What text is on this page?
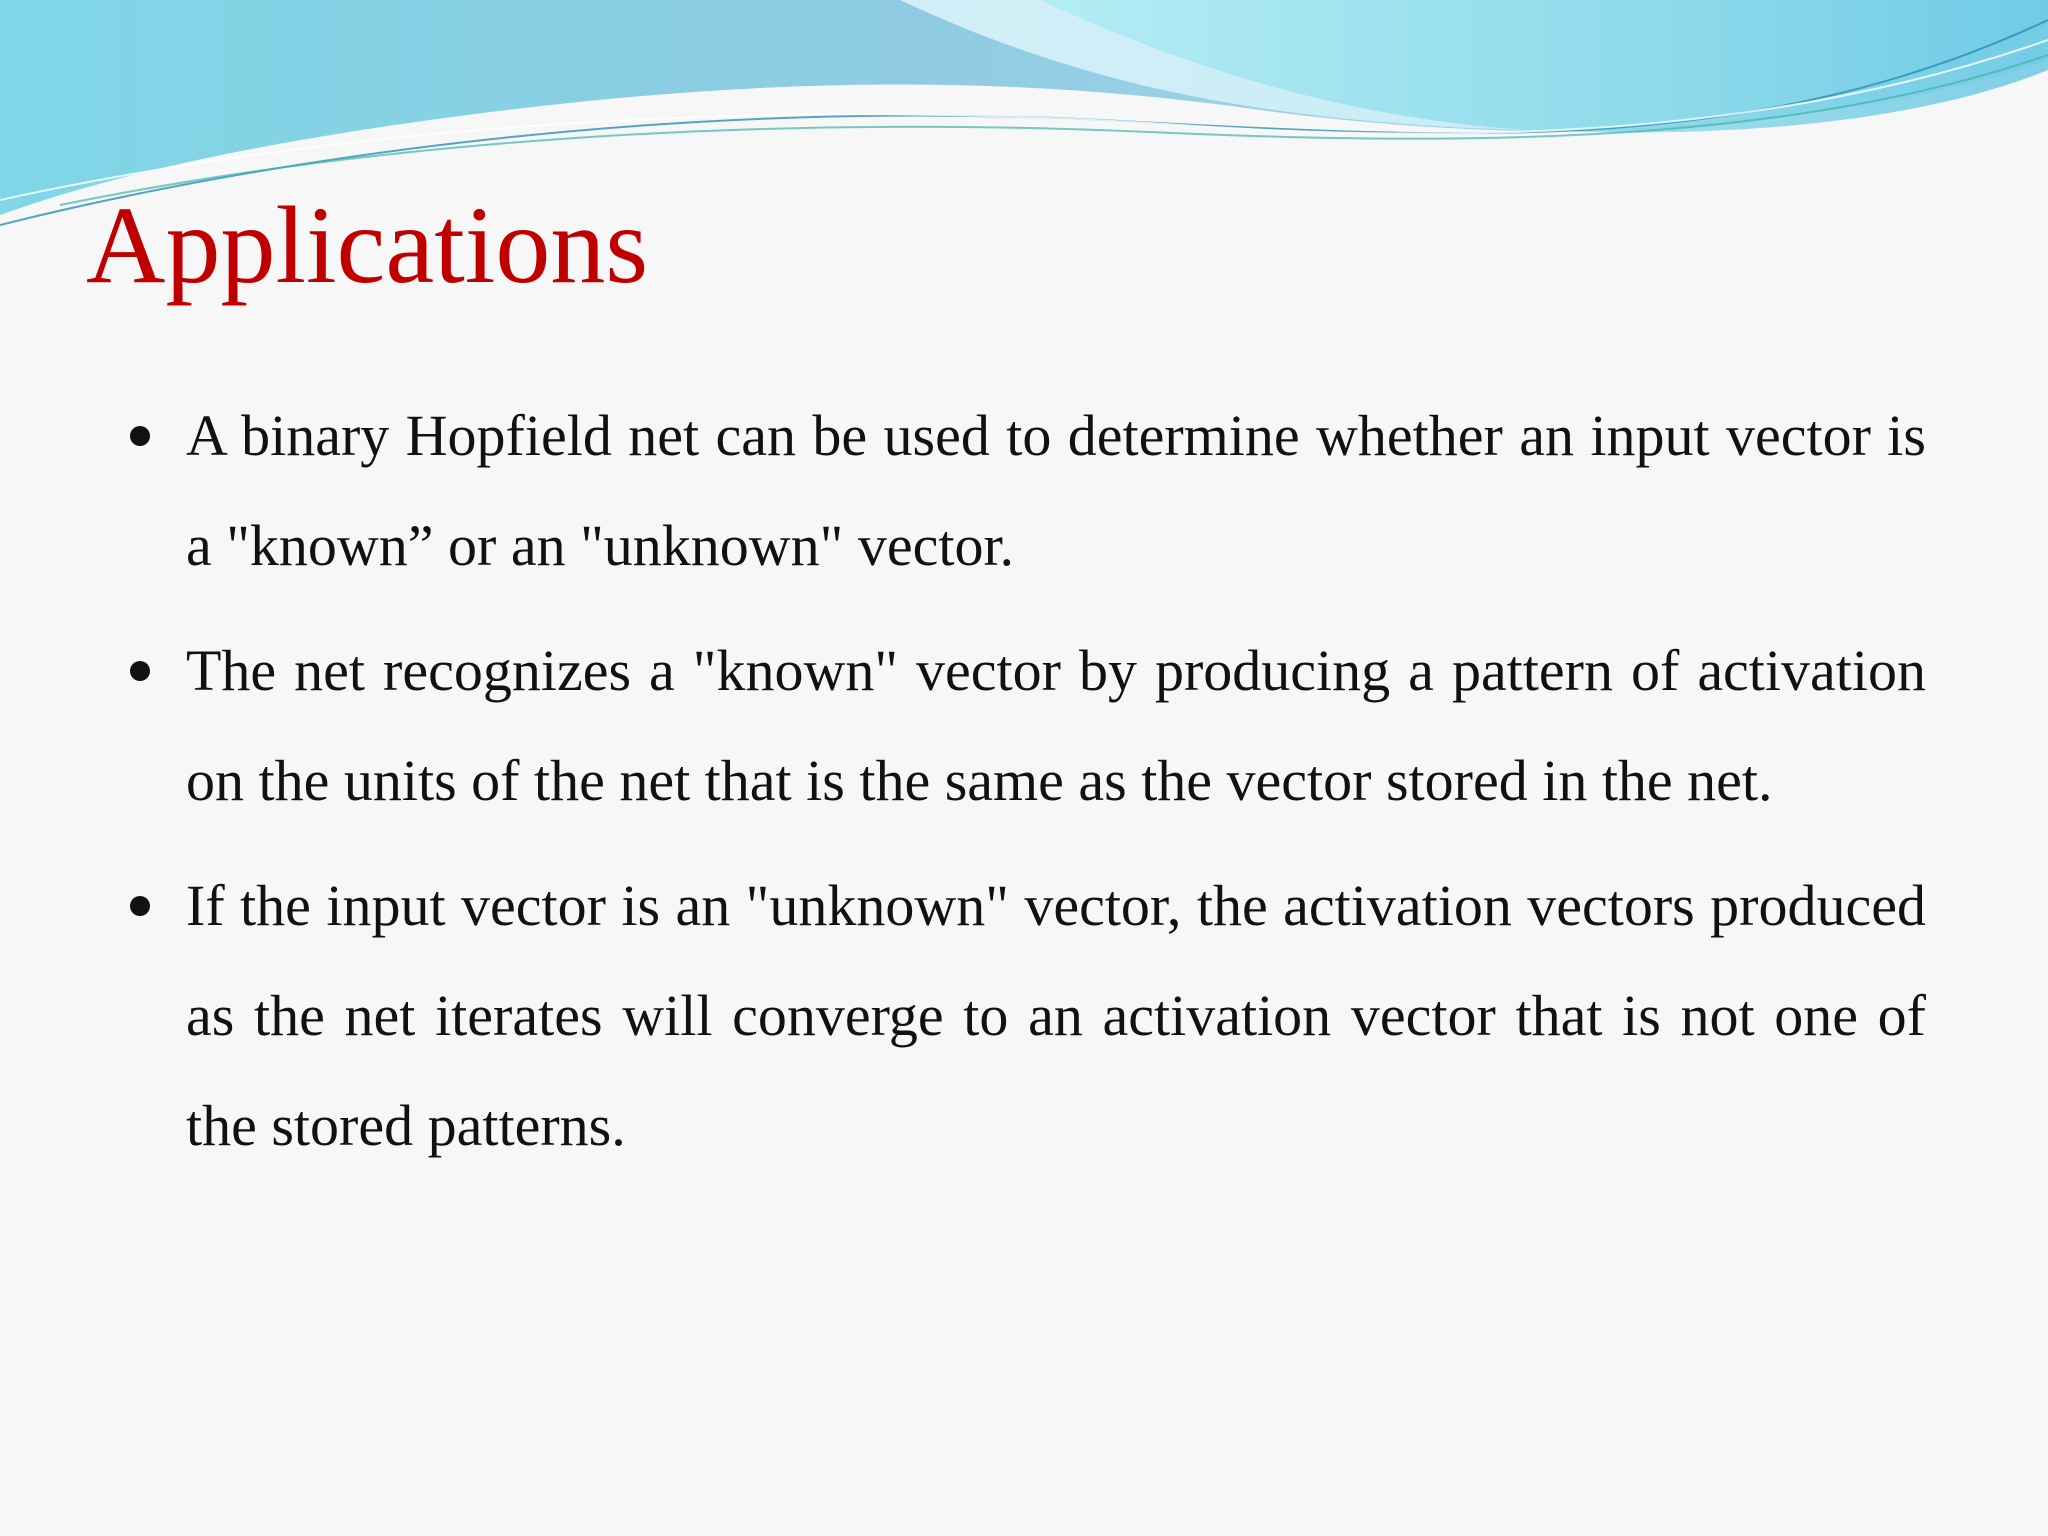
Applications
A binary Hopfield net can be used to determine whether an input vector is a "known” or an "unknown" vector.
The net recognizes a "known" vector by producing a pattern of activation on the units of the net that is the same as the vector stored in the net.
If the input vector is an "unknown" vector, the activation vectors produced as the net iterates will converge to an activation vector that is not one of the stored patterns.
